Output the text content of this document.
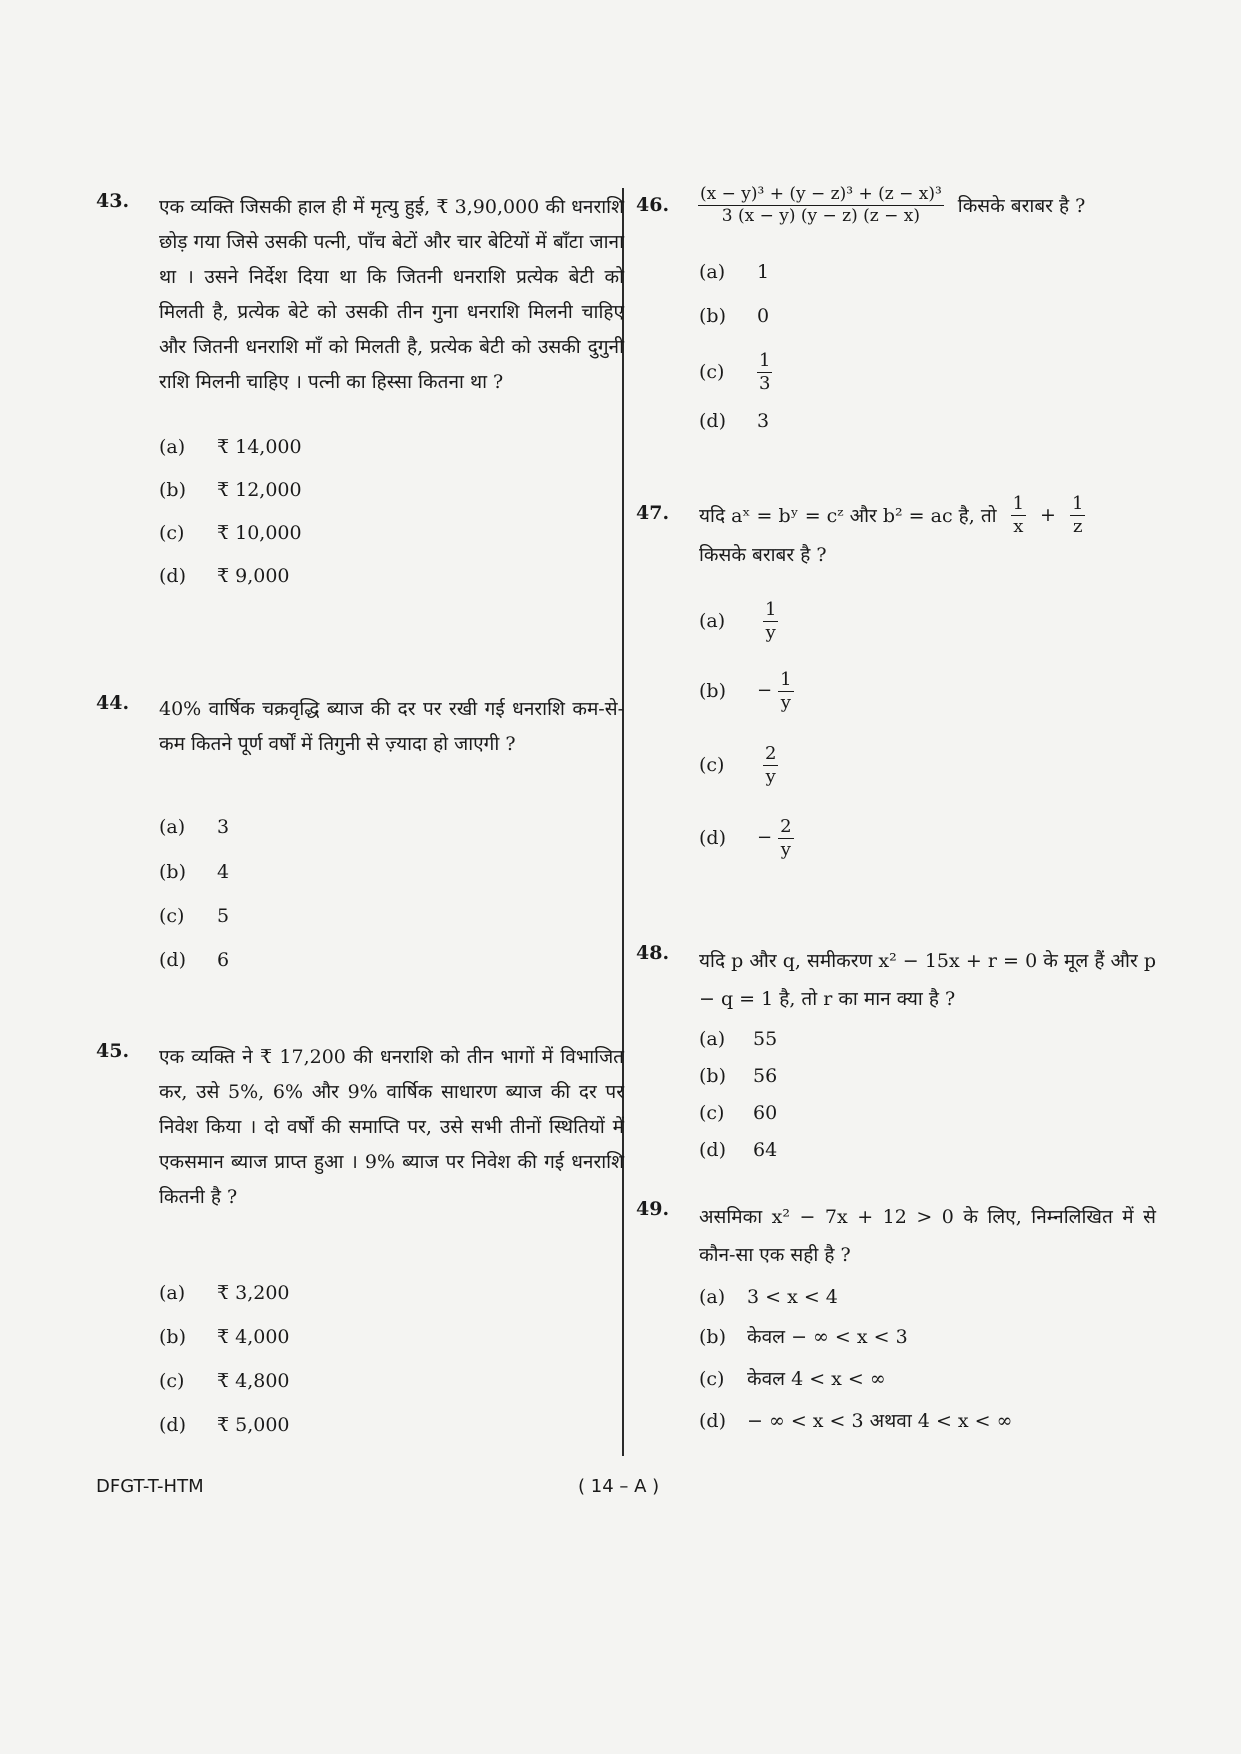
43. एक व्यक्ति जिसकी हाल ही में मृत्यु हुई, ₹ 3,90,000 की धनराशि छोड़ गया जिसे उसकी पत्नी, पाँच बेटों और चार बेटियों में बाँटा जाना था । उसने निर्देश दिया था कि जितनी धनराशि प्रत्येक बेटी को मिलती है, प्रत्येक बेटे को उसकी तीन गुना धनराशि मिलनी चाहिए और जितनी धनराशि माँ को मिलती है, प्रत्येक बेटी को उसकी दुगुनी राशि मिलनी चाहिए । पत्नी का हिस्सा कितना था ?
(a) ₹ 14,000
(b) ₹ 12,000
(c) ₹ 10,000
(d) ₹ 9,000
44. 40% वार्षिक चक्रवृद्धि ब्याज की दर पर रखी गई धनराशि कम-से-कम कितने पूर्ण वर्षों में तिगुनी से ज़्यादा हो जाएगी ?
(a) 3
(b) 4
(c) 5
(d) 6
45. एक व्यक्ति ने ₹ 17,200 की धनराशि को तीन भागों में विभाजित कर, उसे 5%, 6% और 9% वार्षिक साधारण ब्याज की दर पर निवेश किया । दो वर्षों की समाप्ति पर, उसे सभी तीनों स्थितियों में एकसमान ब्याज प्राप्त हुआ । 9% ब्याज पर निवेश की गई धनराशि कितनी है ?
(a) ₹ 3,200
(b) ₹ 4,000
(c) ₹ 4,800
(d) ₹ 5,000
46. $\frac{\text{(x − y)³ + (y − z)³ + (z − x)³}}{3 (x - y) (y - z) (z - x)}$ किसके बराबर है ?
(a) 1
(b) 0
(c)	$\frac{1}{3}$
(d) 3
47. यदि aˣ = bʸ = cᶻ और b² = ac है, तो $\frac{1}{x} + \frac{1}{z}$
किसके बराबर है ?
(a)	$\frac{1}{y}$
(b)	− $\frac{1}{y}$
(c)	$\frac{2}{y}$
(d)	− $\frac{2}{y}$
48. यदि p और q, समीकरण x² − 15x + r = 0 के मूल हैं और p − q = 1 है, तो r का मान क्या है ?
(a) 55
(b) 56
(c) 60
(d) 64
49. असमिका x² − 7x + 12 > 0 के लिए, निम्नलिखित में से कौन-सा एक सही है ?
(a) 3 < x < 4
(b) केवल − ∞ < x < 3
(c) केवल 4 < x < ∞
(d) − ∞ < x < 3 अथवा 4 < x < ∞
DFGT-T-HTM	( 14 – A )
